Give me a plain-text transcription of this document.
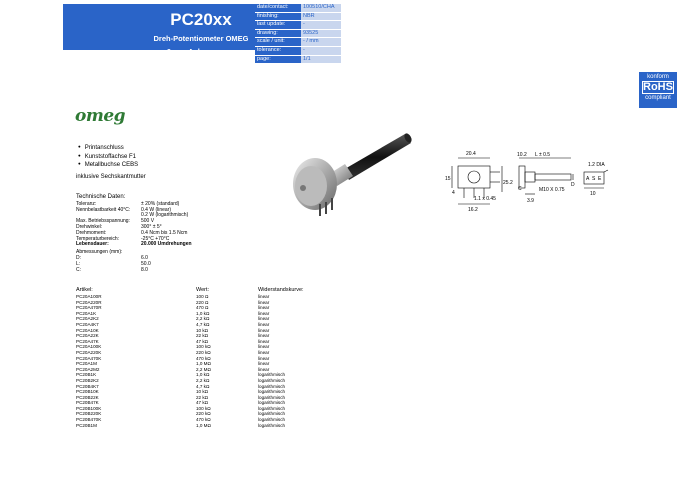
PC20xx
Dreh-Potentiometer OMEG
6 mm Achse, mono
date/contact:	100510/CHA
finishing:	NBR
last update:	-
drawing:	93525
scale / unit:	- / mm
tolerance:	-
page:	1/1
konform
RoHS
compliant
omeg
● Printanschluss
● Kunststoffachse F1
● Metallbuchse CEBS
inklusive Sechskantmutter
Technische Daten:
Toleranz:	± 20% (standard)
Nennbelastbarkeit 40°C:	0.4 W (linear)
0.2 W (logarithmisch)
Max. Betriebsspannung:	500 V
Drehwinkel:	300° ± 5°
Drehmoment:	0.4 Ncm bis 1.5 Ncm
Temperaturbereich:	-25°C +70°C
Lebensdauer:	20.000 Umdrehungen
Abmessungen (mm):
D:	6.0
L:	50.0
C:	8.0
Artikel:	Wert:	Widerstandskurve:
PC20A100R	100 Ω	linear
PC20A220R	220 Ω	linear
PC20A470R	470 Ω	linear
PC20A1K	1,0 kΩ	linear
PC20A2K2	2,2 kΩ	linear
PC20A4K7	4,7 kΩ	linear
PC20A10K	10 kΩ	linear
PC20A22K	22 kΩ	linear
PC20A47K	47 kΩ	linear
PC20A100K	100 kΩ	linear
PC20A220K	220 kΩ	linear
PC20A470K	470 kΩ	linear
PC20A1M	1,0 MΩ	linear
PC20A2M2	2,2 MΩ	linear
PC20B1K	1,0 kΩ	logarithmisch
PC20B2K2	2,2 kΩ	logarithmisch
PC20B4K7	4,7 kΩ	logarithmisch
PC20B10K	10 kΩ	logarithmisch
PC20B22K	22 kΩ	logarithmisch
PC20B47K	47 kΩ	logarithmisch
PC20B100K	100 kΩ	logarithmisch
PC20B220K	220 kΩ	logarithmisch
PC20B470K	470 kΩ	logarithmisch
PC20B1M	1,0 MΩ	logarithmisch
20.4
15
4
16.2
25.2
1.1 x 0.45
10.2 L ± 0.5
D
C	M10 X 0.75
3.9
1.2 DIA
A S E
10
